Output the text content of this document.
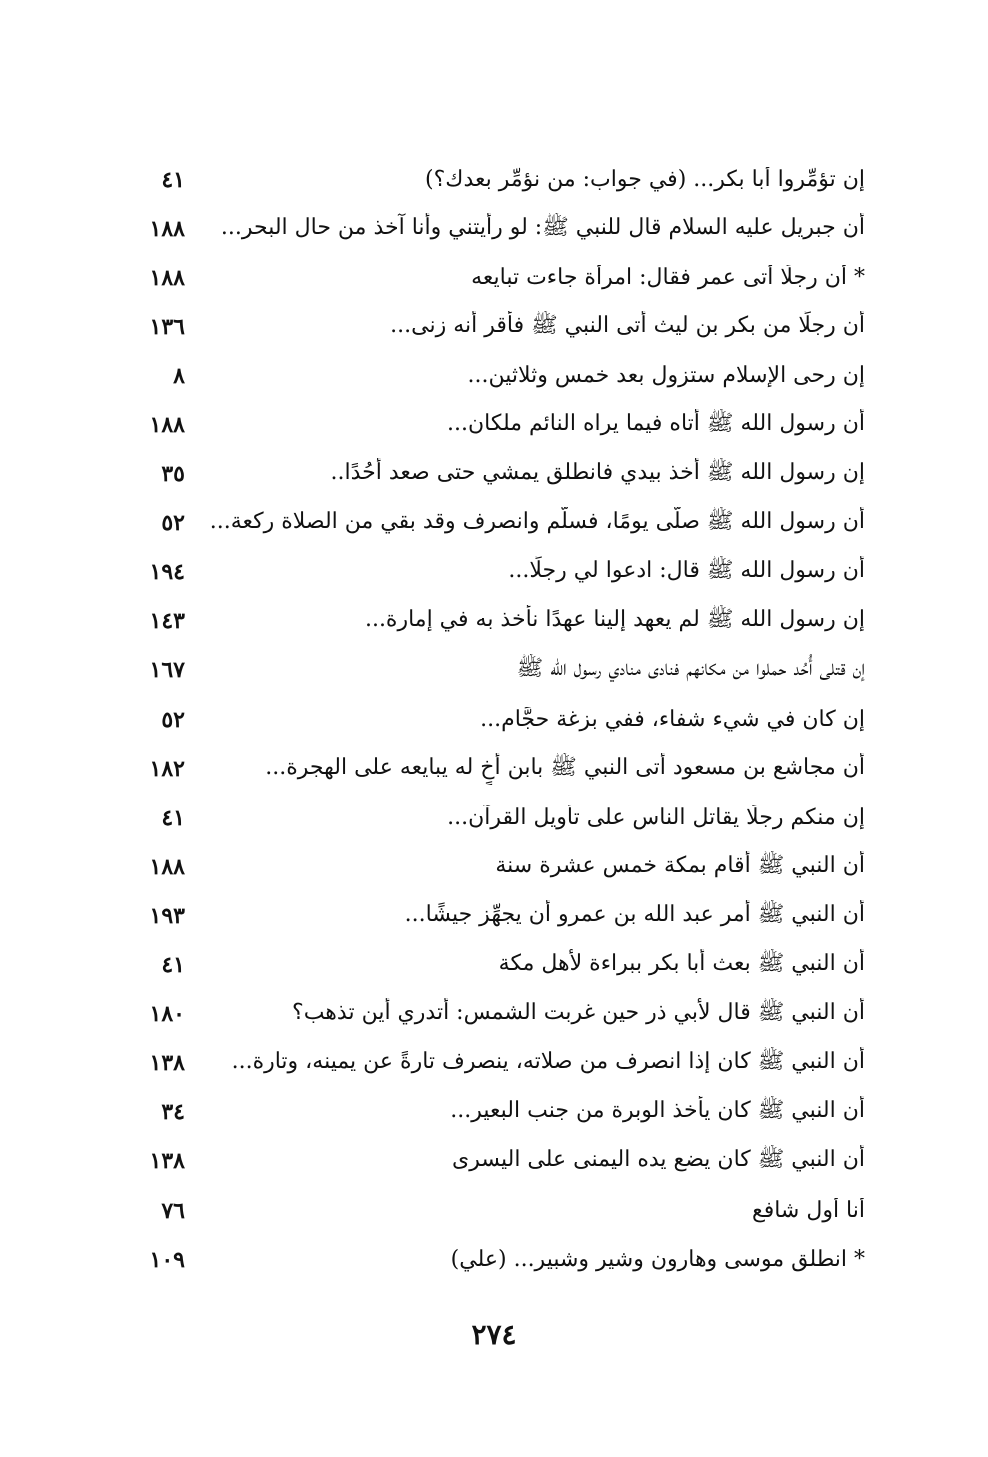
إن تؤمِّروا أبا بكر... (في جواب: من نؤمِّر بعدك؟)
٤١
أن جبريل عليه السلام قال للنبي ﷺ: لو رأيتني وأنا آخذ من حال البحر...
١٨٨
* أن رجلًا أتى عمر فقال: امرأة جاءت تبايعه
١٨٨
أن رجلًا من بكر بن ليث أتى النبي ﷺ فأقر أنه زنى...
١٣٦
إن رحى الإسلام ستزول بعد خمس وثلاثين...
٨
أن رسول الله ﷺ أتاه فيما يراه النائم ملكان...
١٨٨
إن رسول الله ﷺ أخذ بيدي فانطلق يمشي حتى صعد أُحُدًا..
٣٥
أن رسول الله ﷺ صلَّى يومًا، فسلَّم وانصرف وقد بقي من الصلاة ركعة...
٥٢
أن رسول الله ﷺ قال: ادعوا لي رجلًا...
١٩٤
إن رسول الله ﷺ لم يعهد إلينا عهدًا نأخذ به في إمارة...
١٤٣
إن قتلى أُحُد حملوا من مكانهم فنادى منادي رسول الله ﷺ
١٦٧
إن كان في شيء شفاء، ففي بزغة حجَّام...
٥٢
أن مجاشع بن مسعود أتى النبي ﷺ بابن أخٍ له يبايعه على الهجرة...
١٨٢
إن منكم رجلًا يقاتل الناس على تأويل القرآن...
٤١
أن النبي ﷺ أقام بمكة خمس عشرة سنة
١٨٨
أن النبي ﷺ أمر عبد الله بن عمرو أن يجهِّز جيشًا...
١٩٣
أن النبي ﷺ بعث أبا بكر ببراءة لأهل مكة
٤١
أن النبي ﷺ قال لأبي ذر حين غربت الشمس: أتدري أين تذهب؟
١٨٠
أن النبي ﷺ كان إذا انصرف من صلاته، ينصرف تارةً عن يمينه، وتارة...
١٣٨
أن النبي ﷺ كان يأخذ الوبرة من جنب البعير...
٣٤
أن النبي ﷺ كان يضع يده اليمنى على اليسرى
١٣٨
أنا أول شافع
٧٦
* انطلق موسى وهارون وشير وشبير... (علي)
١٠٩
٢٧٤
